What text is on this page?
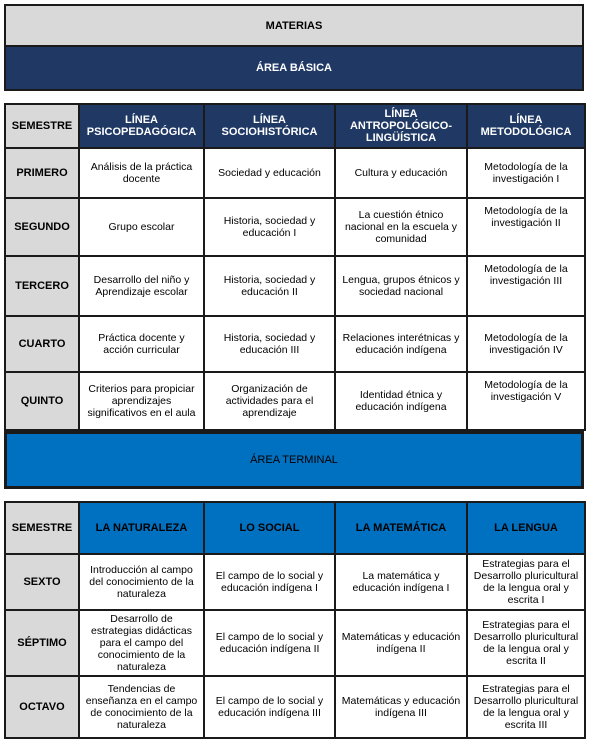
MATERIAS
ÁREA BÁSICA
SEMESTRE	LÍNEA PSICOPEDAGÓGICA	LÍNEA SOCIOHISTÓRICA	LÍNEA ANTROPOLÓGICO-LINGÜÍSTICA	LÍNEA METODOLÓGICA
PRIMERO	Análisis de la práctica docente	Sociedad y educación	Cultura y educación	Metodología de la investigación I
SEGUNDO	Grupo escolar	Historia, sociedad y educación I	La cuestión étnico nacional en la escuela y comunidad	Metodología de la investigación II
TERCERO	Desarrollo del niño y Aprendizaje escolar	Historia, sociedad y educación II	Lengua, grupos étnicos y sociedad nacional	Metodología de la investigación III
CUARTO	Práctica docente y acción curricular	Historia, sociedad y educación III	Relaciones interétnicas y educación indígena	Metodología de la investigación IV
QUINTO	Criterios para propiciar aprendizajes significativos en el aula	Organización de actividades para el aprendizaje	Identidad étnica y educación indígena	Metodología de la investigación V
ÁREA TERMINAL
SEMESTRE	LA NATURALEZA	LO SOCIAL	LA MATEMÁTICA	LA LENGUA
SEXTO	Introducción al campo del conocimiento de la naturaleza	El campo de lo social y educación indígena I	La matemática y educación indígena I	Estrategias para el Desarrollo pluricultural de la lengua oral y escrita I
SÉPTIMO	Desarrollo de estrategias didácticas para el campo del conocimiento de la naturaleza	El campo de lo social y educación indígena II	Matemáticas y educación indígena II	Estrategias para el Desarrollo pluricultural de la lengua oral y escrita II
OCTAVO	Tendencias de enseñanza en el campo de conocimiento de la naturaleza	El campo de lo social y educación indígena III	Matemáticas y educación indígena III	Estrategias para el Desarrollo pluricultural de la lengua oral y escrita III
